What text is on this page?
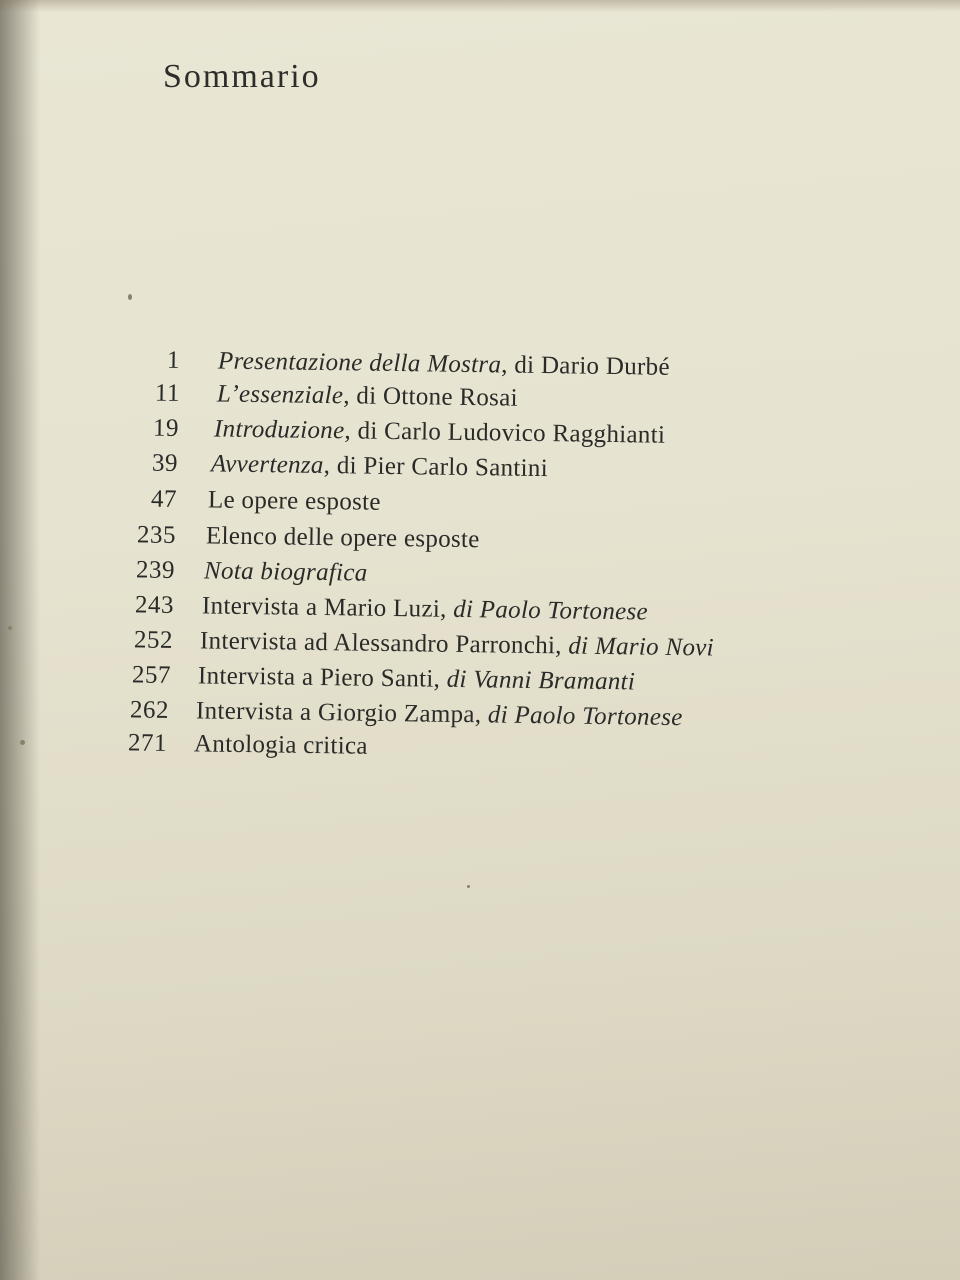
Sommario
1 Presentazione della Mostra, di Dario Durbé
11 L’essenziale, di Ottone Rosai
19 Introduzione, di Carlo Ludovico Ragghianti
39 Avvertenza, di Pier Carlo Santini
47 Le opere esposte
235 Elenco delle opere esposte
239 Nota biografica
243 Intervista a Mario Luzi, di Paolo Tortonese
252 Intervista ad Alessandro Parronchi, di Mario Novi
257 Intervista a Piero Santi, di Vanni Bramanti
262 Intervista a Giorgio Zampa, di Paolo Tortonese
271 Antologia critica
